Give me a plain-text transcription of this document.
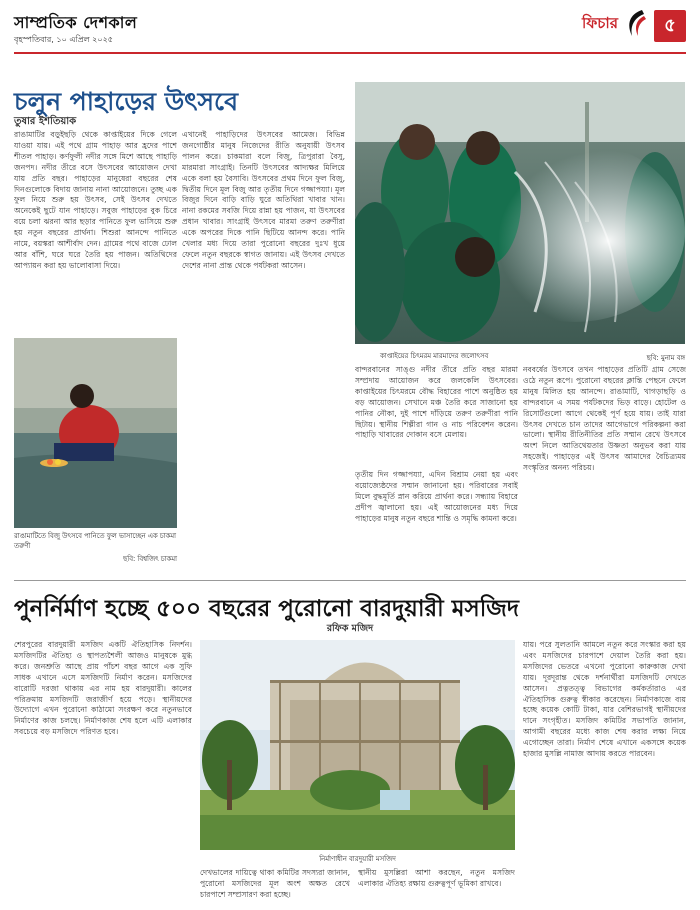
সাম্প্রতিক দেশকাল
বৃহস্পতিবার, ১০ এপ্রিল ২০২৫
ফিচার	৫
চলুন পাহাড়ের উৎসবে
তুষার ইশতিয়াক
রাঙামাটির বড়ুইছড়ি থেকে কাপ্তাইয়ের দিকে গেলে যাওয়া যায়। এই পথে গ্রাম পাহাড় আর হ্রদের পাশে শীতল পাহাড়। কর্ণফুলী নদীর সঙ্গে মিশে আছে পাহাড়ি জনপদ। নদীর তীরে বসে উৎসবের আয়োজন দেখা যায় প্রতি বছর। পাহাড়ের মানুষেরা বছরের শেষ দিনগুলোকে বিদায় জানায় নানা আয়োজনে। তুচ্ছ এক ফুল নিয়ে শুরু হয় উৎসব, সেই উৎসব দেখতে অনেকেই ছুটে যান পাহাড়ে। সবুজ পাহাড়ের বুক চিরে বয়ে চলা ঝরনা আর ছড়ার পানিতে ফুল ভাসিয়ে শুরু হয় নতুন বছরের প্রার্থনা। শিশুরা আনন্দে পানিতে নামে, বয়স্করা আশীর্বাদ দেন। গ্রামের পথে বাজে ঢোল আর বাঁশি, ঘরে ঘরে তৈরি হয় পাজন। অতিথিদের আপ্যায়ন করা হয় ভালোবাসা দিয়ে।
এখানেই পাহাড়িদের উৎসবের আমেজ। বিভিন্ন জনগোষ্ঠীর মানুষ নিজেদের রীতি অনুযায়ী উৎসব পালন করে। চাকমারা বলে বিজু, ত্রিপুরারা বৈসু, মারমারা সাংগ্রাই। তিনটি উৎসবের আদ্যক্ষর মিলিয়ে একে বলা হয় বৈসাবি। উৎসবের প্রথম দিনে ফুল বিজু, দ্বিতীয় দিনে মূল বিজু আর তৃতীয় দিনে গজ্জাপয্যা। মূল বিজুর দিনে বাড়ি বাড়ি ঘুরে অতিথিরা খাবার খান। নানা রকমের সবজি দিয়ে রান্না হয় পাজন, যা উৎসবের প্রধান খাবার। সাংগ্রাই উৎসবে মারমা তরুণ তরুণীরা একে অপরের দিকে পানি ছিটিয়ে আনন্দ করে। পানি খেলার মধ্য দিয়ে তারা পুরোনো বছরের দুঃখ ধুয়ে ফেলে নতুন বছরকে স্বাগত জানায়। এই উৎসব দেখতে দেশের নানা প্রান্ত থেকে পর্যটকরা আসেন।
কাপ্তাইয়ের চিৎমরম মারমাদের জলোৎসব	ছবি: মুনাম বঙ্গ
রাঙামাটিতে বিজু উৎসবে পানিতে ফুল ভাসাচ্ছেন এক চাকমা তরুণী
ছবি: বিশ্বজিৎ চাকমা
বান্দরবানের সাঙ্গু নদীর তীরে প্রতি বছর মারমা সম্প্রদায় আয়োজন করে জলকেলি উৎসবের। কাপ্তাইয়ের চিৎমরমে বৌদ্ধ বিহারের পাশে অনুষ্ঠিত হয় বড় আয়োজন। সেখানে মঞ্চ তৈরি করে সাজানো হয় পানির নৌকা, দুই পাশে দাঁড়িয়ে তরুণ তরুণীরা পানি ছিটায়। স্থানীয় শিল্পীরা গান ও নাচ পরিবেশন করেন। পাহাড়ি খাবারের দোকান বসে মেলায়।
তৃতীয় দিন গজ্জাপয্যা, এদিন বিশ্রাম নেয়া হয় এবং বয়োজ্যেষ্ঠদের সম্মান জানানো হয়। পরিবারের সবাই মিলে বুদ্ধমূর্তি স্নান করিয়ে প্রার্থনা করে। সন্ধ্যায় বিহারে প্রদীপ জ্বালানো হয়। এই আয়োজনের মধ্য দিয়ে পাহাড়ের মানুষ নতুন বছরে শান্তি ও সমৃদ্ধি কামনা করে।
নববর্ষের উৎসবে তখন পাহাড়ের প্রতিটি গ্রাম সেজে ওঠে নতুন রূপে। পুরোনো বছরের ক্লান্তি পেছনে ফেলে মানুষ মিলিত হয় আনন্দে। রাঙামাটি, খাগড়াছড়ি ও বান্দরবানে এ সময় পর্যটকদের ভিড় বাড়ে। হোটেল ও রিসোর্টগুলো আগে থেকেই পূর্ণ হয়ে যায়। তাই যারা উৎসব দেখতে চান তাদের আগেভাগে পরিকল্পনা করা ভালো। স্থানীয় রীতিনীতির প্রতি সম্মান রেখে উৎসবে অংশ নিলে আতিথেয়তার উষ্ণতা অনুভব করা যায় সহজেই। পাহাড়ের এই উৎসব আমাদের বৈচিত্র্যময় সংস্কৃতির অনন্য পরিচয়।
পুনর্নির্মাণ হচ্ছে ৫০০ বছরের পুরোনো বারদুয়ারী মসজিদ
রফিক মজিদ
শেরপুরের বারদুয়ারী মসজিদ একটি ঐতিহাসিক নিদর্শন। মসজিদটির ঐতিহ্য ও স্থাপত্যশৈলী আজও মানুষকে মুগ্ধ করে। জনশ্রুতি আছে প্রায় পাঁচশ বছর আগে এক সুফি সাধক এখানে এসে মসজিদটি নির্মাণ করেন। মসজিদের বারোটি দরজা থাকায় এর নাম হয় বারদুয়ারী। কালের পরিক্রমায় মসজিদটি জরাজীর্ণ হয়ে পড়ে। স্থানীয়দের উদ্যোগে এখন পুরোনো কাঠামো সংরক্ষণ করে নতুনভাবে নির্মাণের কাজ চলছে। নির্মাণকাজ শেষ হলে এটি এলাকার সবচেয়ে বড় মসজিদে পরিণত হবে।
নির্মাণাধীন বারদুয়ারী মসজিদ
দেখভালের দায়িত্বে থাকা কমিটির সদস্যরা জানান, পুরোনো মসজিদের মূল অংশ অক্ষত রেখে চারপাশে সম্প্রসারণ করা হচ্ছে।
স্থানীয় মুসল্লিরা আশা করছেন, নতুন মসজিদ এলাকার ঐতিহ্য রক্ষায় গুরুত্বপূর্ণ ভূমিকা রাখবে।
যায়। পরে সুলতানি আমলে নতুন করে সংস্কার করা হয় এবং মসজিদের চারপাশে দেয়াল তৈরি করা হয়। মসজিদের ভেতরে এখনো পুরোনো কারুকাজ দেখা যায়। দূরদূরান্ত থেকে দর্শনার্থীরা মসজিদটি দেখতে আসেন। প্রত্নতত্ত্ব বিভাগের কর্মকর্তারাও এর ঐতিহাসিক গুরুত্ব স্বীকার করেছেন। নির্মাণকাজে ব্যয় হচ্ছে কয়েক কোটি টাকা, যার বেশিরভাগই স্থানীয়দের দানে সংগৃহীত। মসজিদ কমিটির সভাপতি জানান, আগামী বছরের মধ্যে কাজ শেষ করার লক্ষ্য নিয়ে এগোচ্ছেন তারা। নির্মাণ শেষে এখানে একসঙ্গে কয়েক হাজার মুসল্লি নামাজ আদায় করতে পারবেন।
